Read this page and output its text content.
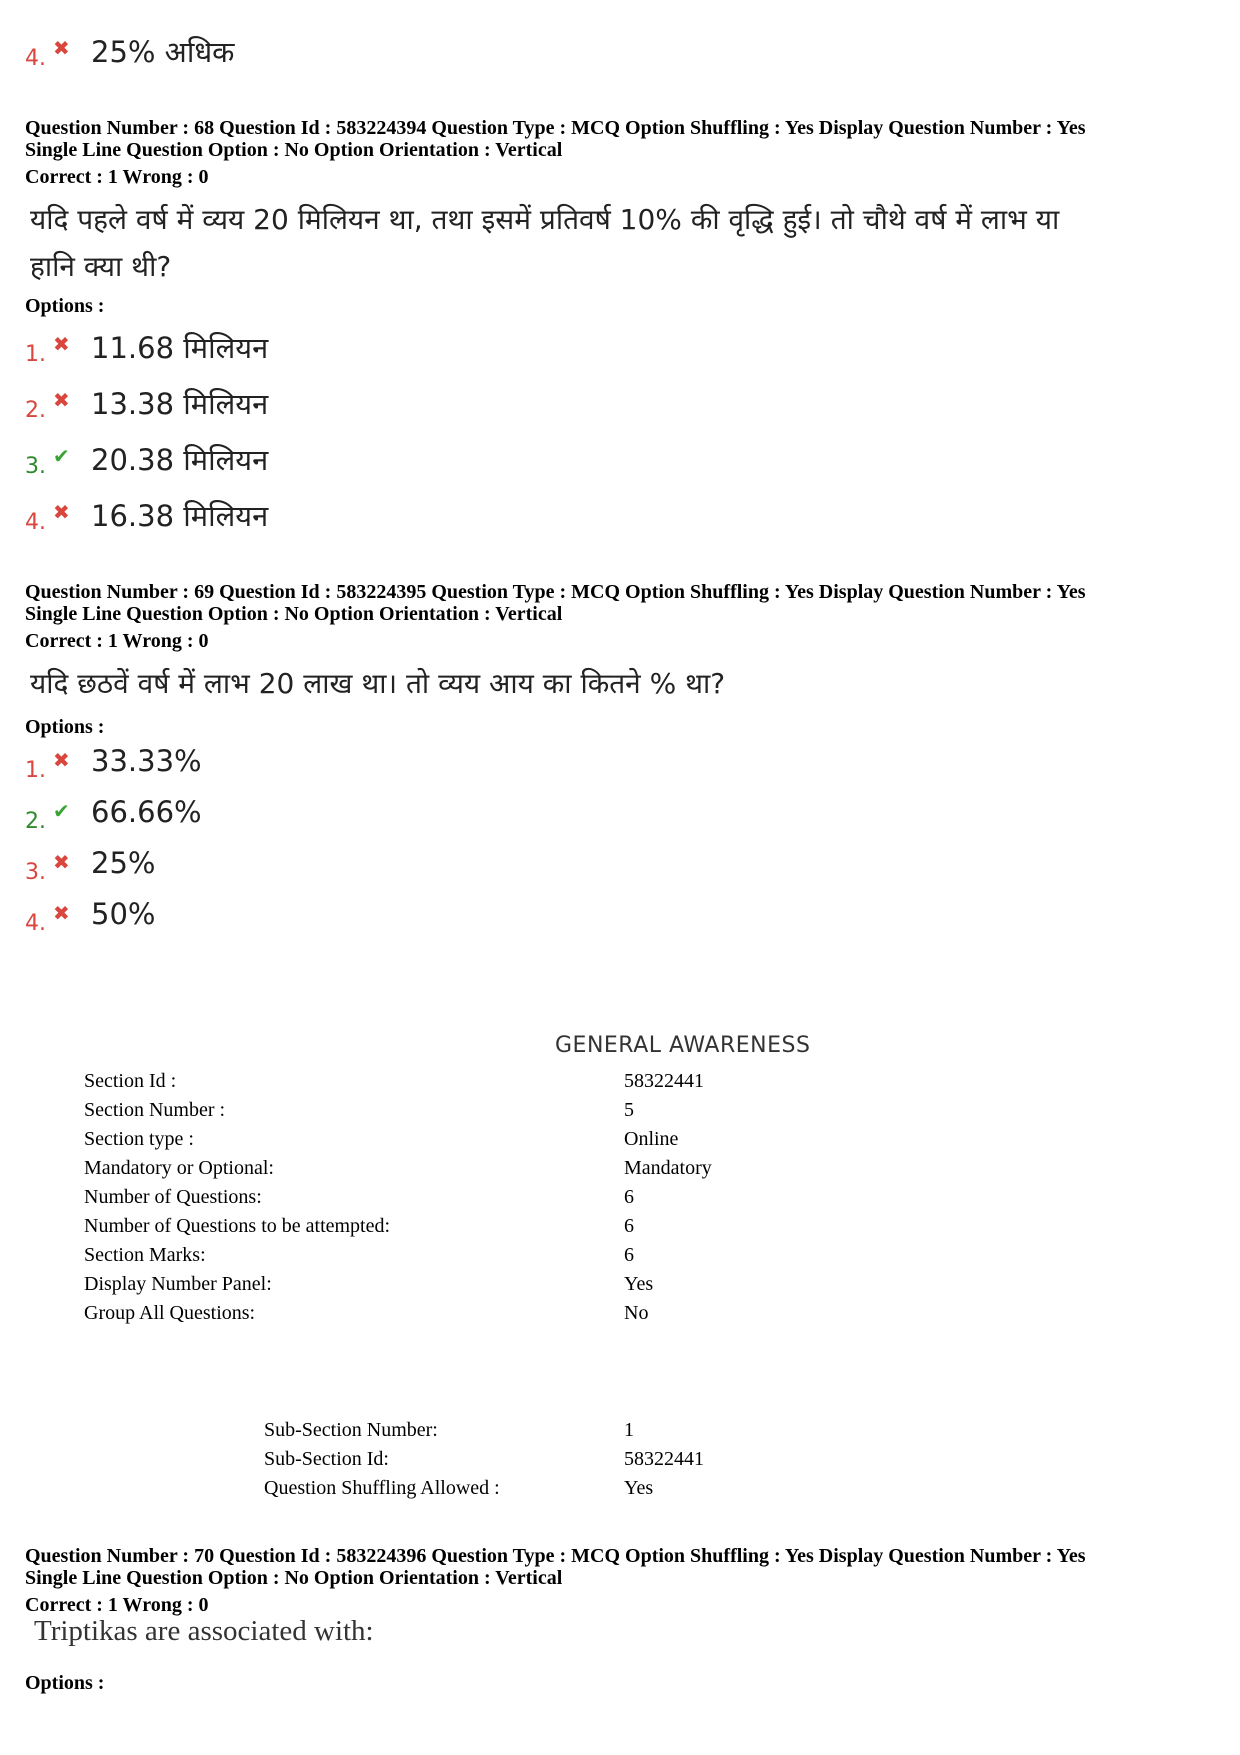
4. ✖ 25% अधिक
Question Number : 68 Question Id : 583224394 Question Type : MCQ Option Shuffling : Yes Display Question Number : Yes
Single Line Question Option : No Option Orientation : Vertical
Correct : 1 Wrong : 0
यदि पहले वर्ष में व्यय 20 मिलियन था, तथा इसमें प्रतिवर्ष 10% की वृद्धि हुई। तो चौथे वर्ष में लाभ या
हानि क्या थी?
Options :
1. ✖ 11.68 मिलियन
2. ✖ 13.38 मिलियन
3. ✔ 20.38 मिलियन
4. ✖ 16.38 मिलियन
Question Number : 69 Question Id : 583224395 Question Type : MCQ Option Shuffling : Yes Display Question Number : Yes
Single Line Question Option : No Option Orientation : Vertical
Correct : 1 Wrong : 0
यदि छठवें वर्ष में लाभ 20 लाख था। तो व्यय आय का कितने % था?
Options :
1. ✖ 33.33%
2. ✔ 66.66%
3. ✖ 25%
4. ✖ 50%
GENERAL AWARENESS
Section Id :	58322441
Section Number :	5
Section type :	Online
Mandatory or Optional:	Mandatory
Number of Questions:	6
Number of Questions to be attempted:	6
Section Marks:	6
Display Number Panel:	Yes
Group All Questions:	No
Sub-Section Number:	1
Sub-Section Id:	58322441
Question Shuffling Allowed :	Yes
Question Number : 70 Question Id : 583224396 Question Type : MCQ Option Shuffling : Yes Display Question Number : Yes
Single Line Question Option : No Option Orientation : Vertical
Correct : 1 Wrong : 0
Triptikas are associated with:
Options :
